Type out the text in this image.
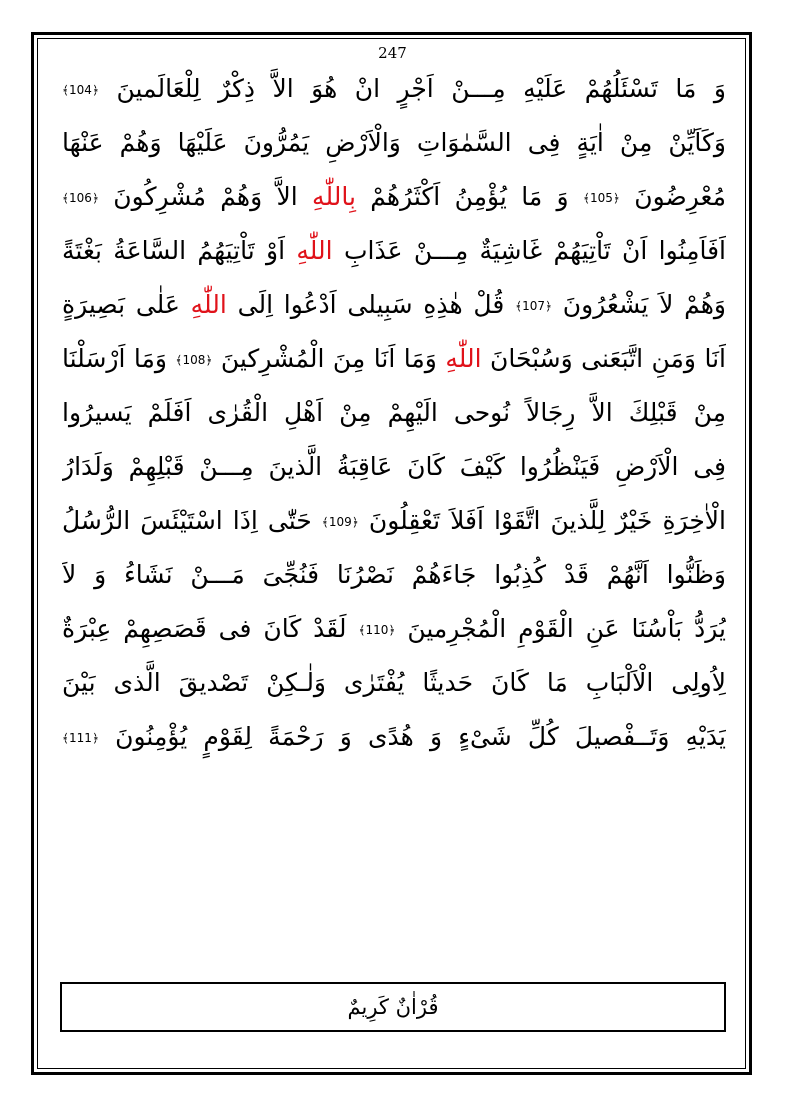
247
وَ مَا تَسْئَلُهُمْ عَلَيْهِ مِـــنْ اَجْرٍ انْ هُوَ الاَّ ذِكْرٌ لِلْعَالَمينَ ﴿104﴾
وَكَاَيِّنْ مِنْ اٰيَةٍ فِى السَّمٰوَاتِ وَالْاَرْضِ يَمُرُّونَ عَلَيْهَا وَهُمْ عَنْهَا
مُعْرِضُونَ ﴿105﴾ وَ مَا يُؤْمِنُ اَكْثَرُهُمْ بِاللّٰهِ الاَّ وَهُمْ مُشْرِكُونَ ﴿106﴾
اَفَاَمِنُوا اَنْ تَاْتِيَهُمْ غَاشِيَةٌ مِـــنْ عَذَابِ اللّٰهِ اَوْ تَاْتِيَهُمُ السَّاعَةُ بَغْتَةً
وَهُمْ لاَ يَشْعُرُونَ ﴿107﴾ قُلْ هٰذِهِ سَبِيلى اَدْعُوا اِلَى اللّٰهِ عَلٰى بَصِيرَةٍ
اَنَا وَمَنِ اتَّبَعَنى وَسُبْحَانَ اللّٰهِ وَمَا اَنَا مِنَ الْمُشْرِكينَ ﴿108﴾ وَمَا اَرْسَلْنَا
مِنْ قَبْلِكَ الاَّ رِجَالاً نُوحى الَيْهِمْ مِنْ اَهْلِ الْقُرٰى اَفَلَمْ يَسيرُوا
فِى الْاَرْضِ فَيَنْظُرُوا كَيْفَ كَانَ عَاقِبَةُ الَّذينَ مِـــنْ قَبْلِهِمْ وَلَدَارُ
الْاٰخِرَةِ خَيْرٌ لِلَّذينَ اتَّقَوْا اَفَلاَ تَعْقِلُونَ ﴿109﴾ حَتّٰى اِذَا اسْتَيْئَسَ الرُّسُلُ
وَظَنُّوا اَنَّهُمْ قَدْ كُذِبُوا جَاءَهُمْ نَصْرُنَا فَنُجِّىَ مَـــنْ نَشَاءُ وَ لاَ
يُرَدُّ بَاْسُنَا عَنِ الْقَوْمِ الْمُجْرِمينَ ﴿110﴾ لَقَدْ كَانَ فى قَصَصِهِمْ عِبْرَةٌ
لِاُولِى الْاَلْبَابِ مَا كَانَ حَديثًا يُفْتَرٰى وَلٰـكِنْ تَصْديقَ الَّذى بَيْنَ
يَدَيْهِ وَتَــفْصيلَ كُلِّ شَىْءٍ وَ هُدًى وَ رَحْمَةً لِقَوْمٍ يُؤْمِنُونَ ﴿111﴾
قُرْاٰنٌ كَرِيمٌ
